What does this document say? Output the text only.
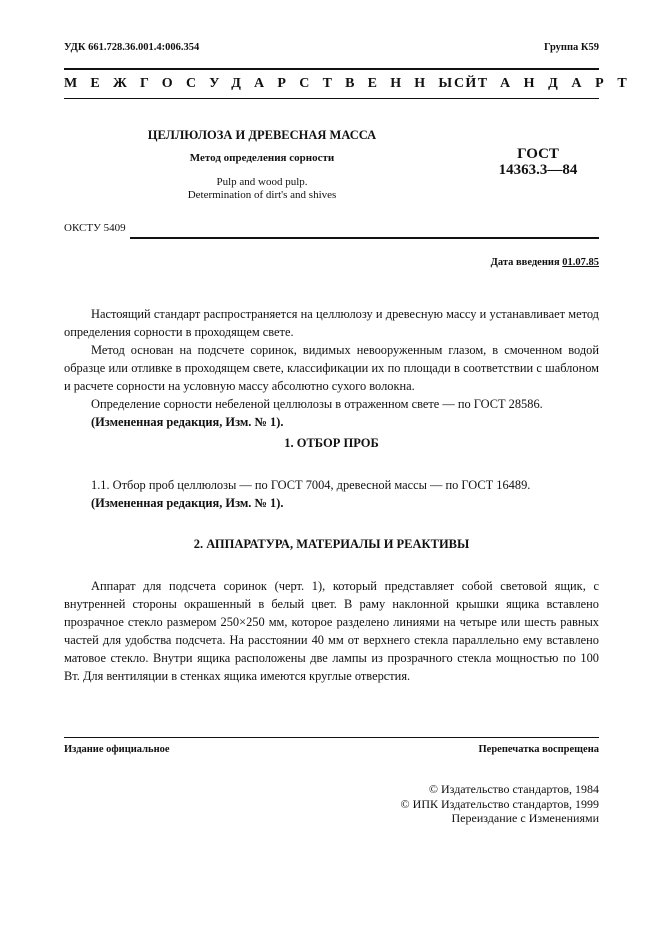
УДК 661.728.36.001.4:006.354	Группа К59
МЕЖГОСУДАРСТВЕННЫЙ
СТАНДАРТ
ЦЕЛЛЮЛОЗА И ДРЕВЕСНАЯ МАССА
Метод определения сорности
Pulp and wood pulp.
Determination of dirt's and shives
ГОСТ
14363.3—84
ОКСТУ 5409
Дата введения 01.07.85

Настоящий стандарт распространяется на целлюлозу и древесную массу и устанавливает метод определения сорности в проходящем свете.

Метод основан на подсчете соринок, видимых невооруженным глазом, в смоченном водой образце или отливке в проходящем свете, классификации их по площади в соответствии с шаблоном и расчете сорности на условную массу абсолютно сухого волокна.

Определение сорности небеленой целлюлозы в отраженном свете — по ГОСТ 28586.

(Измененная редакция, Изм. № 1).

1. ОТБОР ПРОБ

1.1. Отбор проб целлюлозы — по ГОСТ 7004, древесной массы — по ГОСТ 16489.

(Измененная редакция, Изм. № 1).

2. АППАРАТУРА, МАТЕРИАЛЫ И РЕАКТИВЫ

Аппарат для подсчета соринок (черт. 1), который представляет собой световой ящик, с внутренней стороны окрашенный в белый цвет. В раму наклонной крышки ящика вставлено прозрачное стекло размером 250×250 мм, которое разделено линиями на четыре или шесть равных частей для удобства подсчета. На расстоянии 40 мм от верхнего стекла параллельно ему вставлено матовое стекло. Внутри ящика расположены две лампы из прозрачного стекла мощностью по 100 Вт. Для вентиляции в стенках ящика имеются круглые отверстия.

Издание официальное	Перепечатка воспрещена
© Издательство стандартов, 1984
© ИПК Издательство стандартов, 1999
Переиздание с Изменениями
